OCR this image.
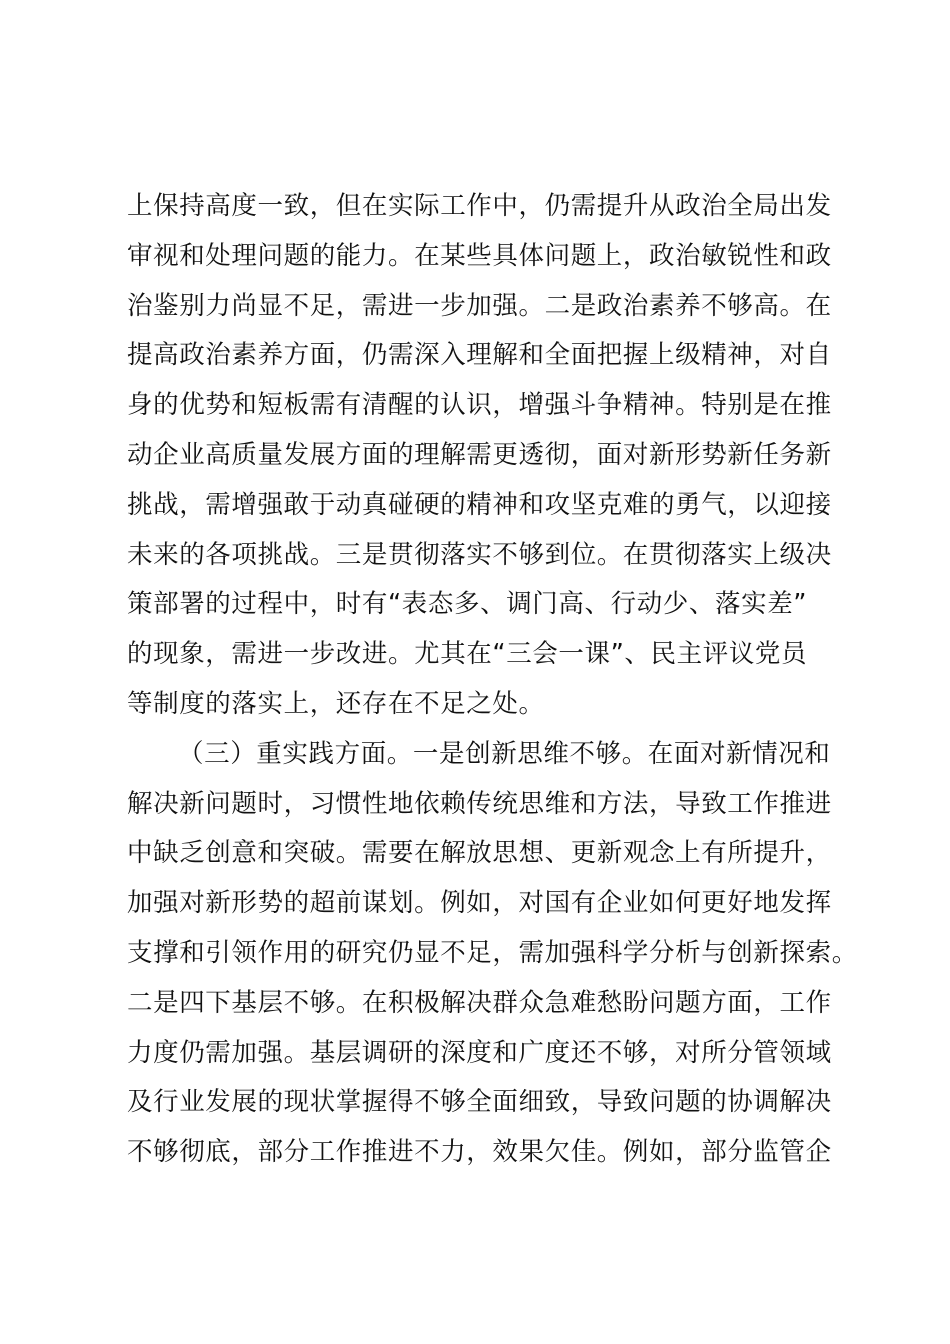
上保持高度一致，但在实际工作中，仍需提升从政治全局出发
审视和处理问题的能力。在某些具体问题上，政治敏锐性和政
治鉴别力尚显不足，需进一步加强。二是政治素养不够高。在
提高政治素养方面，仍需深入理解和全面把握上级精神，对自
身的优势和短板需有清醒的认识，增强斗争精神。特别是在推
动企业高质量发展方面的理解需更透彻，面对新形势新任务新
挑战，需增强敢于动真碰硬的精神和攻坚克难的勇气，以迎接
未来的各项挑战。三是贯彻落实不够到位。在贯彻落实上级决
策部署的过程中，时有“表态多、调门高、行动少、落实差”
的现象，需进一步改进。尤其在“三会一课”、民主评议党员
等制度的落实上，还存在不足之处。
（三）重实践方面。一是创新思维不够。在面对新情况和
解决新问题时，习惯性地依赖传统思维和方法，导致工作推进
中缺乏创意和突破。需要在解放思想、更新观念上有所提升，
加强对新形势的超前谋划。例如，对国有企业如何更好地发挥
支撑和引领作用的研究仍显不足，需加强科学分析与创新探索。
二是四下基层不够。在积极解决群众急难愁盼问题方面，工作
力度仍需加强。基层调研的深度和广度还不够，对所分管领域
及行业发展的现状掌握得不够全面细致，导致问题的协调解决
不够彻底，部分工作推进不力，效果欠佳。例如，部分监管企
